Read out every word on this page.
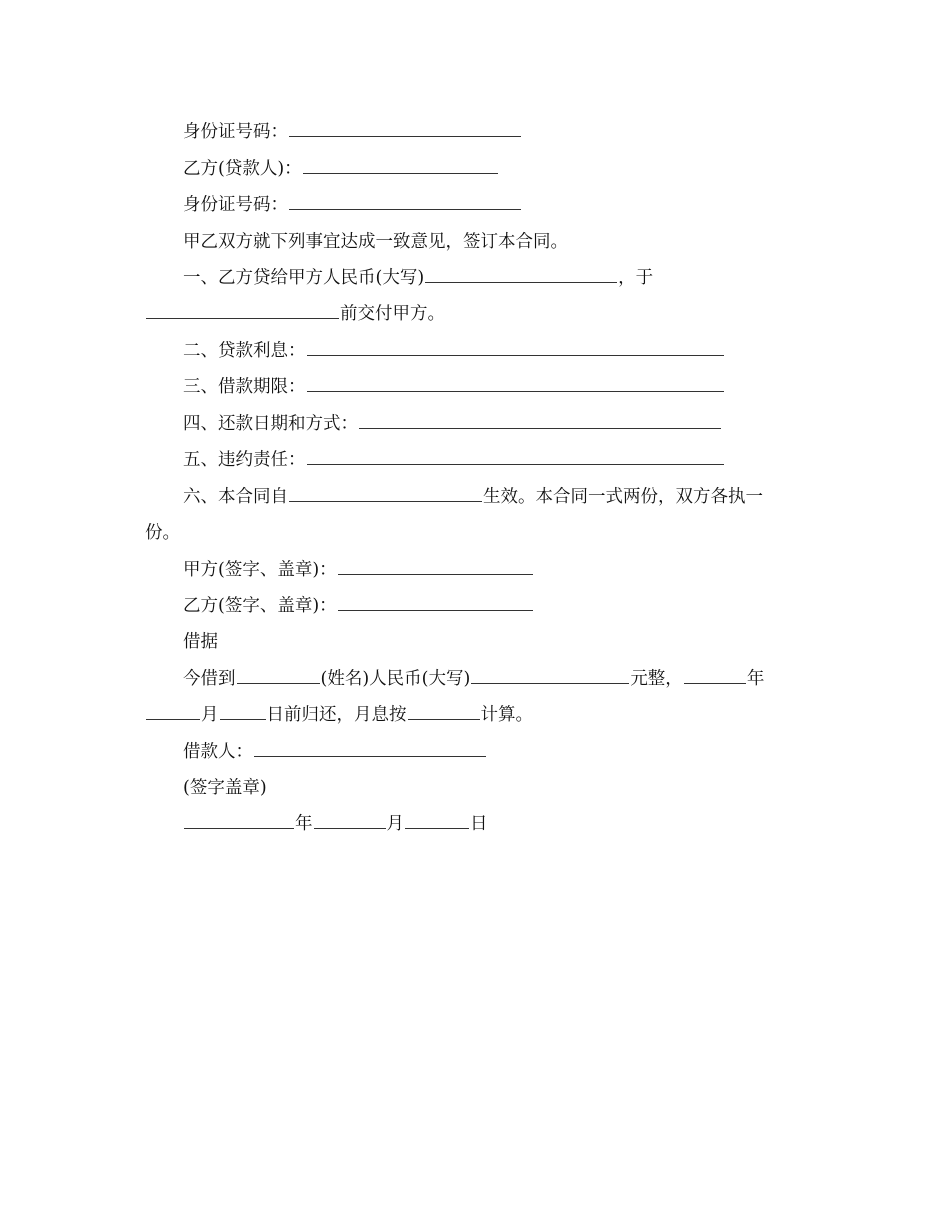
身份证号码：
乙方(贷款人)：
身份证号码：
甲乙双方就下列事宜达成一致意见，签订本合同。
一、乙方贷给甲方人民币(大写)	，于
前交付甲方。
二、贷款利息：
三、借款期限：
四、还款日期和方式：
五、违约责任：
六、本合同自	生效。本合同一式两份，双方各执一
份。
甲方(签字、盖章)：
乙方(签字、盖章)：
借据
今借到	(姓名)人民币(大写)	元整，	年
月	日前归还，月息按	计算。
借款人：
(签字盖章)
年	月	日
